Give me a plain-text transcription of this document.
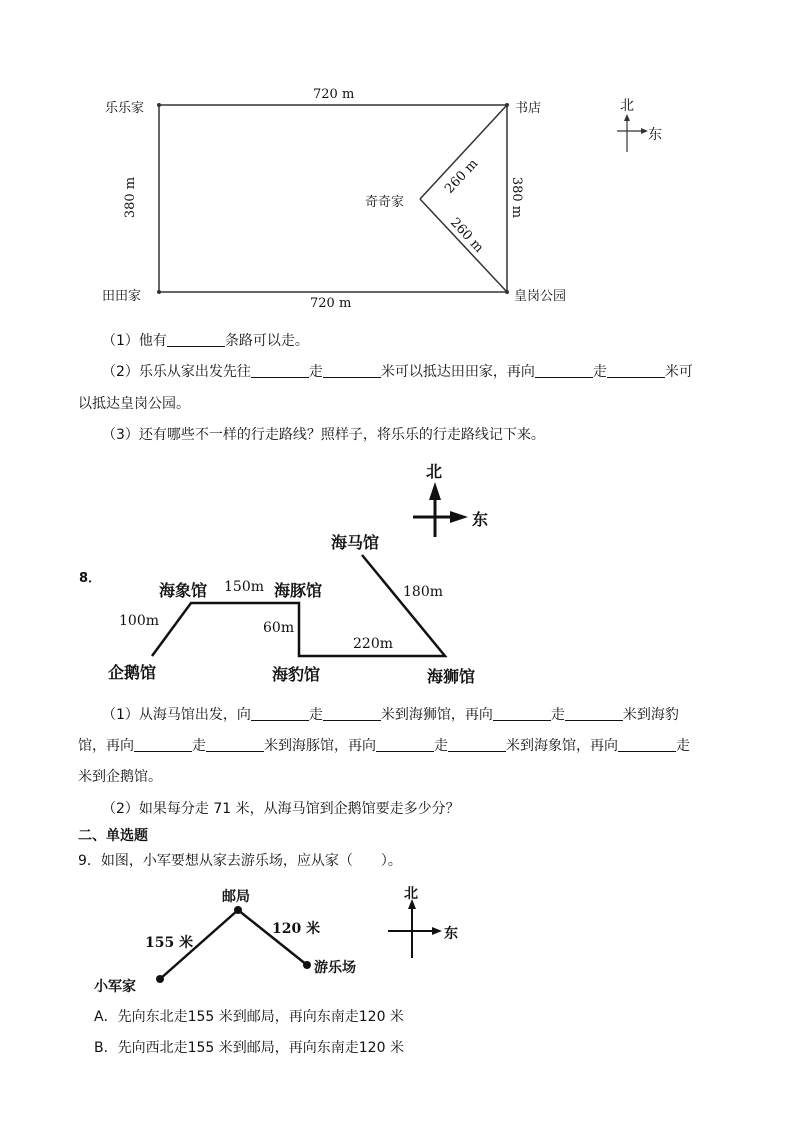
乐乐家	书店
奇奇家
田田家	皇岗公园
720 m
720 m
380 m	380 m
260 m
260 m
北
东
（1）他有	条路可以走。
（2）乐乐从家出发先往	走	米可以抵达田田家，再向	走	米可
以抵达皇岗公园。
（3）还有哪些不一样的行走路线？照样子，将乐乐的行走路线记下来。
8．
北
东
海马馆
海象馆	海豚馆
企鹅馆	海豹馆	海狮馆
150m	180m
100m	60m
220m
（1）从海马馆出发，向	走	米到海狮馆，再向	走	米到海豹
馆，再向	走	米到海豚馆，再向	走	米到海象馆，再向	走
米到企鹅馆。
（2）如果每分走 71 米，从海马馆到企鹅馆要走多少分？
二、单选题
9．如图，小军要想从家去游乐场，应从家（　　）。
邮局
小军家
游乐场
155 米
120 米
北
东
A．先向东北走155 米到邮局，再向东南走120 米
B．先向西北走155 米到邮局，再向东南走120 米
